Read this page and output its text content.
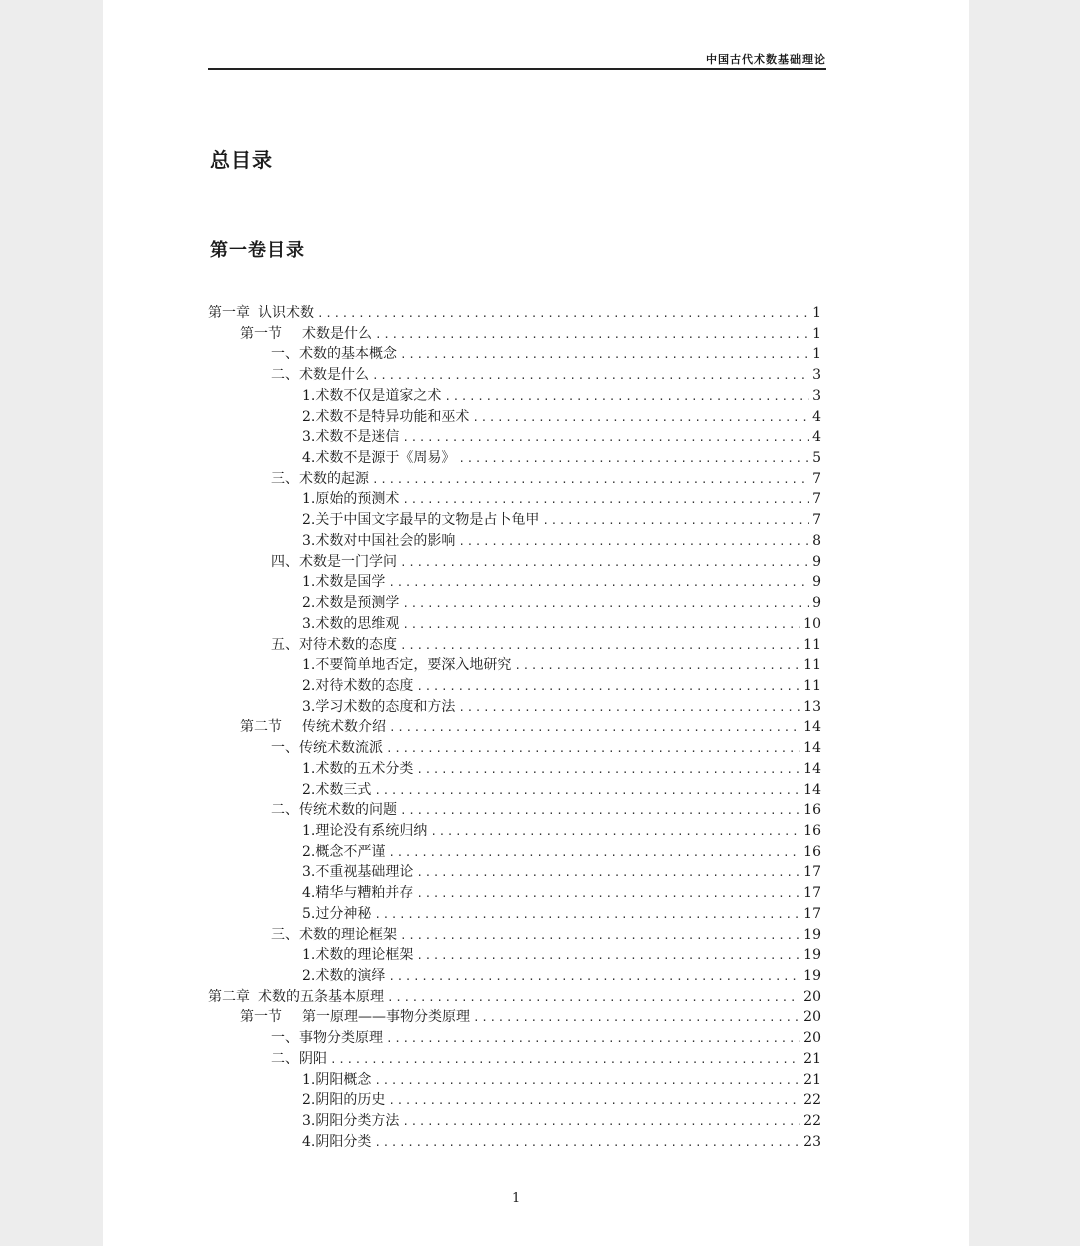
中国古代术数基础理论
总目录
第一卷目录
第一章 认识术数 .....	1
第一节 术数是什么 .....	1
一、术数的基本概念 .....	1
二、术数是什么 .....	3
1.术数不仅是道家之术 .....	3
2.术数不是特异功能和巫术 .....	4
3.术数不是迷信 .....	4
4.术数不是源于《周易》 .....	5
三、术数的起源 .....	7
1.原始的预测术 .....	7
2.关于中国文字最早的文物是占卜龟甲 .....	7
3.术数对中国社会的影响 .....	8
四、术数是一门学问 .....	9
1.术数是国学 .....	9
2.术数是预测学 .....	9
3.术数的思维观 .....	10
五、对待术数的态度 .....	11
1.不要简单地否定，要深入地研究 .....	11
2.对待术数的态度 .....	11
3.学习术数的态度和方法 .....	13
第二节 传统术数介绍 .....	14
一、传统术数流派 .....	14
1.术数的五术分类 .....	14
2.术数三式 .....	14
二、传统术数的问题 .....	16
1.理论没有系统归纳 .....	16
2.概念不严谨 .....	16
3.不重视基础理论 .....	17
4.精华与糟粕并存 .....	17
5.过分神秘 .....	17
三、术数的理论框架 .....	19
1.术数的理论框架 .....	19
2.术数的演绎 .....	19
第二章 术数的五条基本原理 .....	20
第一节 第一原理——事物分类原理 .....	20
一、事物分类原理 .....	20
二、阴阳 .....	21
1.阴阳概念 .....	21
2.阴阳的历史 .....	22
3.阴阳分类方法 .....	22
4.阴阳分类 .....	23
1
